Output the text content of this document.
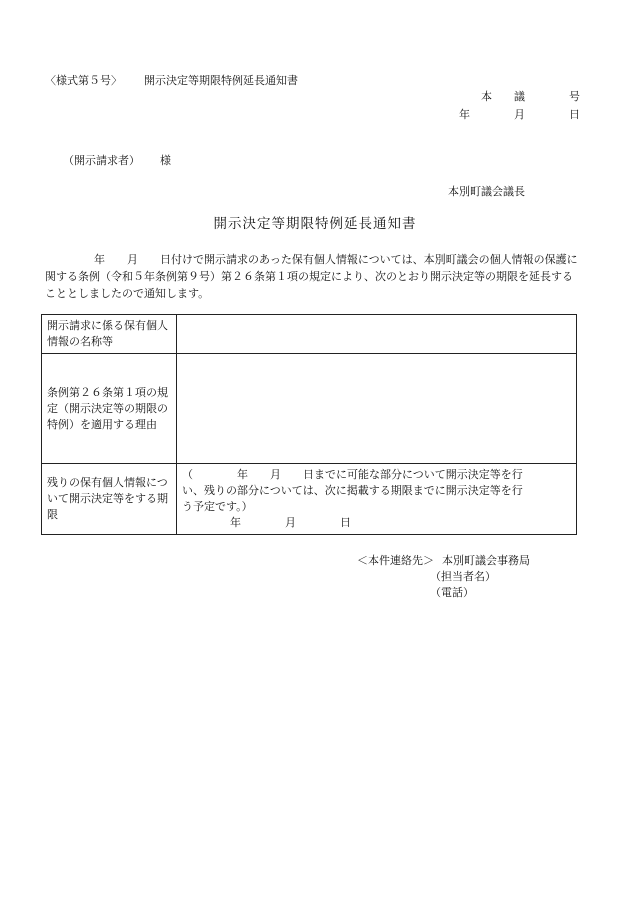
〈様式第５号〉 開示決定等期限特例延長通知書
本 議	号
年	月	日
（開示請求者） 様
本別町議会議長
開示決定等期限特例延長通知書
年 月 日付けで開示請求のあった保有個人情報については、本別町議会の個人情報の保護に関する条例（令和５年条例第９号）第２６条第１項の規定により、次のとおり開示決定等の期限を延長することとしましたので通知します。
開示請求に係る保有個人情報の名称等	
条例第２６条第１項の規定（開示決定等の期限の特例）を適用する理由	
残りの保有個人情報について開示決定等をする期限	（ 年 月 日までに可能な部分について開示決定等を行
い、残りの部分については、次に掲載する期限までに開示決定等を行
う予定です。）
年 月 日
＜本件連絡先＞ 本別町議会事務局
（担当者名）
（電話）
